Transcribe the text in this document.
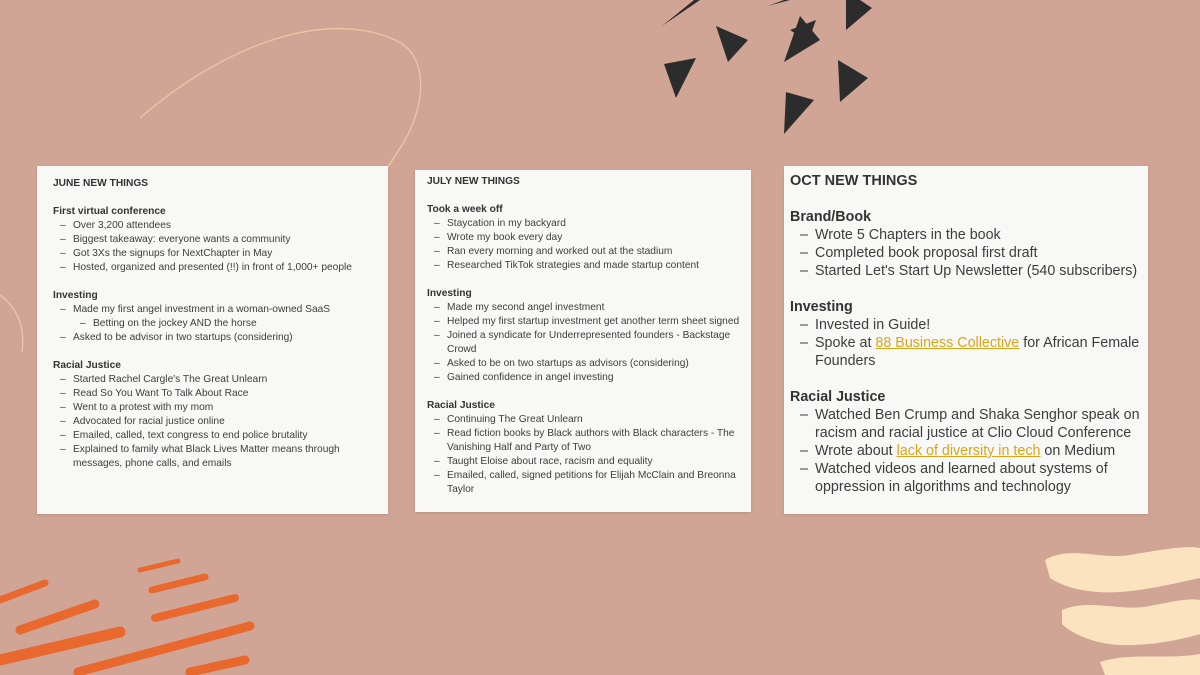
JUNE NEW THINGS
First virtual conference
– Over 3,200 attendees
– Biggest takeaway: everyone wants a community
– Got 3Xs the signups for NextChapter in May
– Hosted, organized and presented (!!) in front of 1,000+ people
Investing
– Made my first angel investment in a woman-owned SaaS
– Betting on the jockey AND the horse
– Asked to be advisor in two startups (considering)
Racial Justice
– Started Rachel Cargle's The Great Unlearn
– Read So You Want To Talk About Race
– Went to a protest with my mom
– Advocated for racial justice online
– Emailed, called, text congress to end police brutality
– Explained to family what Black Lives Matter means through messages, phone calls, and emails
JULY NEW THINGS
Took a week off
– Staycation in my backyard
– Wrote my book every day
– Ran every morning and worked out at the stadium
– Researched TikTok strategies and made startup content
Investing
– Made my second angel investment
– Helped my first startup investment get another term sheet signed
– Joined a syndicate for Underrepresented founders - Backstage Crowd
– Asked to be on two startups as advisors (considering)
– Gained confidence in angel investing
Racial Justice
– Continuing The Great Unlearn
– Read fiction books by Black authors with Black characters - The Vanishing Half and Party of Two
– Taught Eloise about race, racism and equality
– Emailed, called, signed petitions for Elijah McClain and Breonna Taylor
OCT NEW THINGS
Brand/Book
– Wrote 5 Chapters in the book
– Completed book proposal first draft
– Started Let's Start Up Newsletter (540 subscribers)
Investing
– Invested in Guide!
– Spoke at 88 Business Collective for African Female Founders
Racial Justice
– Watched Ben Crump and Shaka Senghor speak on racism and racial justice at Clio Cloud Conference
– Wrote about lack of diversity in tech on Medium
– Watched videos and learned about systems of oppression in algorithms and technology
